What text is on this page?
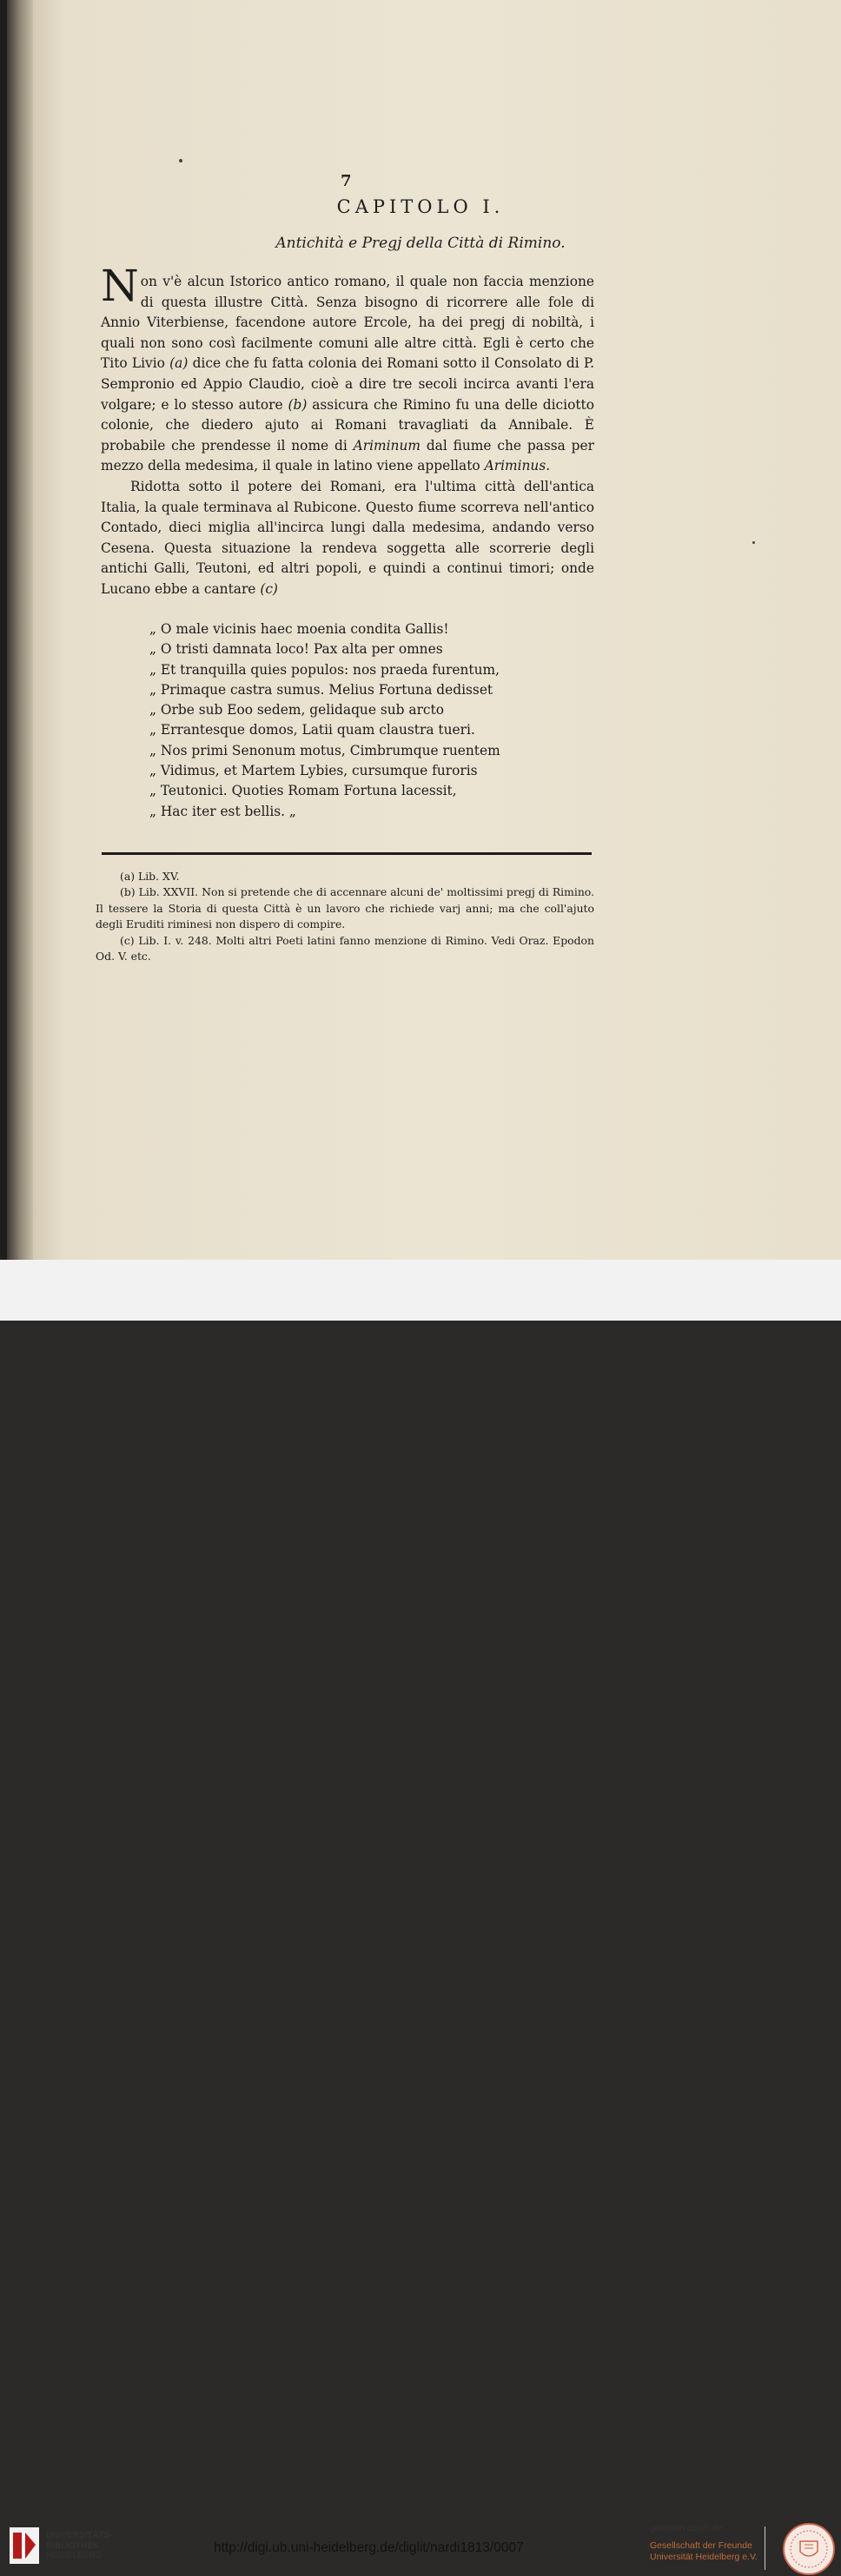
7
CAPITOLO I.
Antichità e Pregj della Città di Rimino.

Non v'è alcun Istorico antico romano, il quale non faccia menzione di questa illustre Città. Senza bisogno di ricorrere alle fole di Annio Viterbiense, facendone autore Ercole, ha dei pregj di nobiltà, i quali non sono così facilmente comuni alle altre città. Egli è certo che Tito Livio (a) dice che fu fatta colonia dei Romani sotto il Consolato di P. Sempronio ed Appio Claudio, cioè a dire tre secoli incirca avanti l'era volgare; e lo stesso autore (b) assicura che Rimino fu una delle diciotto colonie, che diedero ajuto ai Romani travagliati da Annibale. È probabile che prendesse il nome di Ariminum dal fiume che passa per mezzo della medesima, il quale in latino viene appellato Ariminus.

Ridotta sotto il potere dei Romani, era l'ultima città dell'antica Italia, la quale terminava al Rubicone. Questo fiume scorreva nell'antico Contado, dieci miglia all'incirca lungi dalla medesima, andando verso Cesena. Questa situazione la rendeva soggetta alle scorrerie degli antichi Galli, Teutoni, ed altri popoli, e quindi a continui timori; onde Lucano ebbe a cantare (c)

„ O male vicinis haec moenia condita Gallis!
„ O tristi damnata loco! Pax alta per omnes
„ Et tranquilla quies populos: nos praeda furentum,
„ Primaque castra sumus. Melius Fortuna dedisset
„ Orbe sub Eoo sedem, gelidaque sub arcto
„ Errantesque domos, Latii quam claustra tueri.
„ Nos primi Senonum motus, Cimbrumque ruentem
„ Vidimus, et Martem Lybies, cursumque furoris
„ Teutonici. Quoties Romam Fortuna lacessit,
„ Hac iter est bellis. „

(a) Lib. XV.

(b) Lib. XXVII. Non si pretende che di accennare alcuni de' moltissimi pregj di Rimino. Il tessere la Storia di questa Città è un lavoro che richiede varj anni; ma che coll'ajuto degli Eruditi riminesi non dispero di compire.

(c) Lib. I. v. 248. Molti altri Poeti latini fanno menzione di Rimino. Vedi Oraz. Epodon Od. V. etc.

UNIVERSITÄTS-
BIBLIOTHEK
HEIDELBERG
http://digi.ub.uni-heidelberg.de/diglit/nardi1813/0007
gefördert durch die
Gesellschaft der Freunde
Universität Heidelberg e.V.
